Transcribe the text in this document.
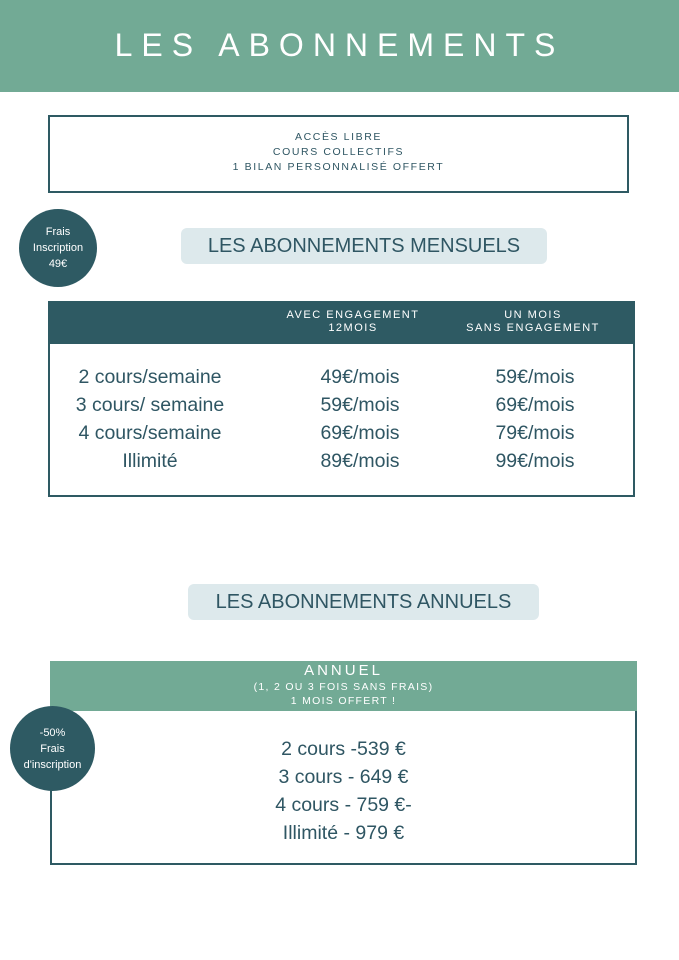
LES ABONNEMENTS
ACCÈS LIBRE
COURS COLLECTIFS
1 BILAN PERSONNALISÉ OFFERT
Frais
Inscription
49€
LES ABONNEMENTS MENSUELS
AVEC ENGAGEMENT
12MOIS
UN MOIS
SANS ENGAGEMENT
2 cours/semaine	49€/mois	59€/mois
3 cours/ semaine	59€/mois	69€/mois
4 cours/semaine	69€/mois	79€/mois
Illimité	89€/mois	99€/mois
LES ABONNEMENTS ANNUELS
ANNUEL
(1, 2 OU 3 FOIS SANS FRAIS)
1 MOIS OFFERT !
2 cours -539 €
3 cours - 649 €
4 cours - 759 €-
Illimité - 979 €
-50%
Frais
d'inscription
